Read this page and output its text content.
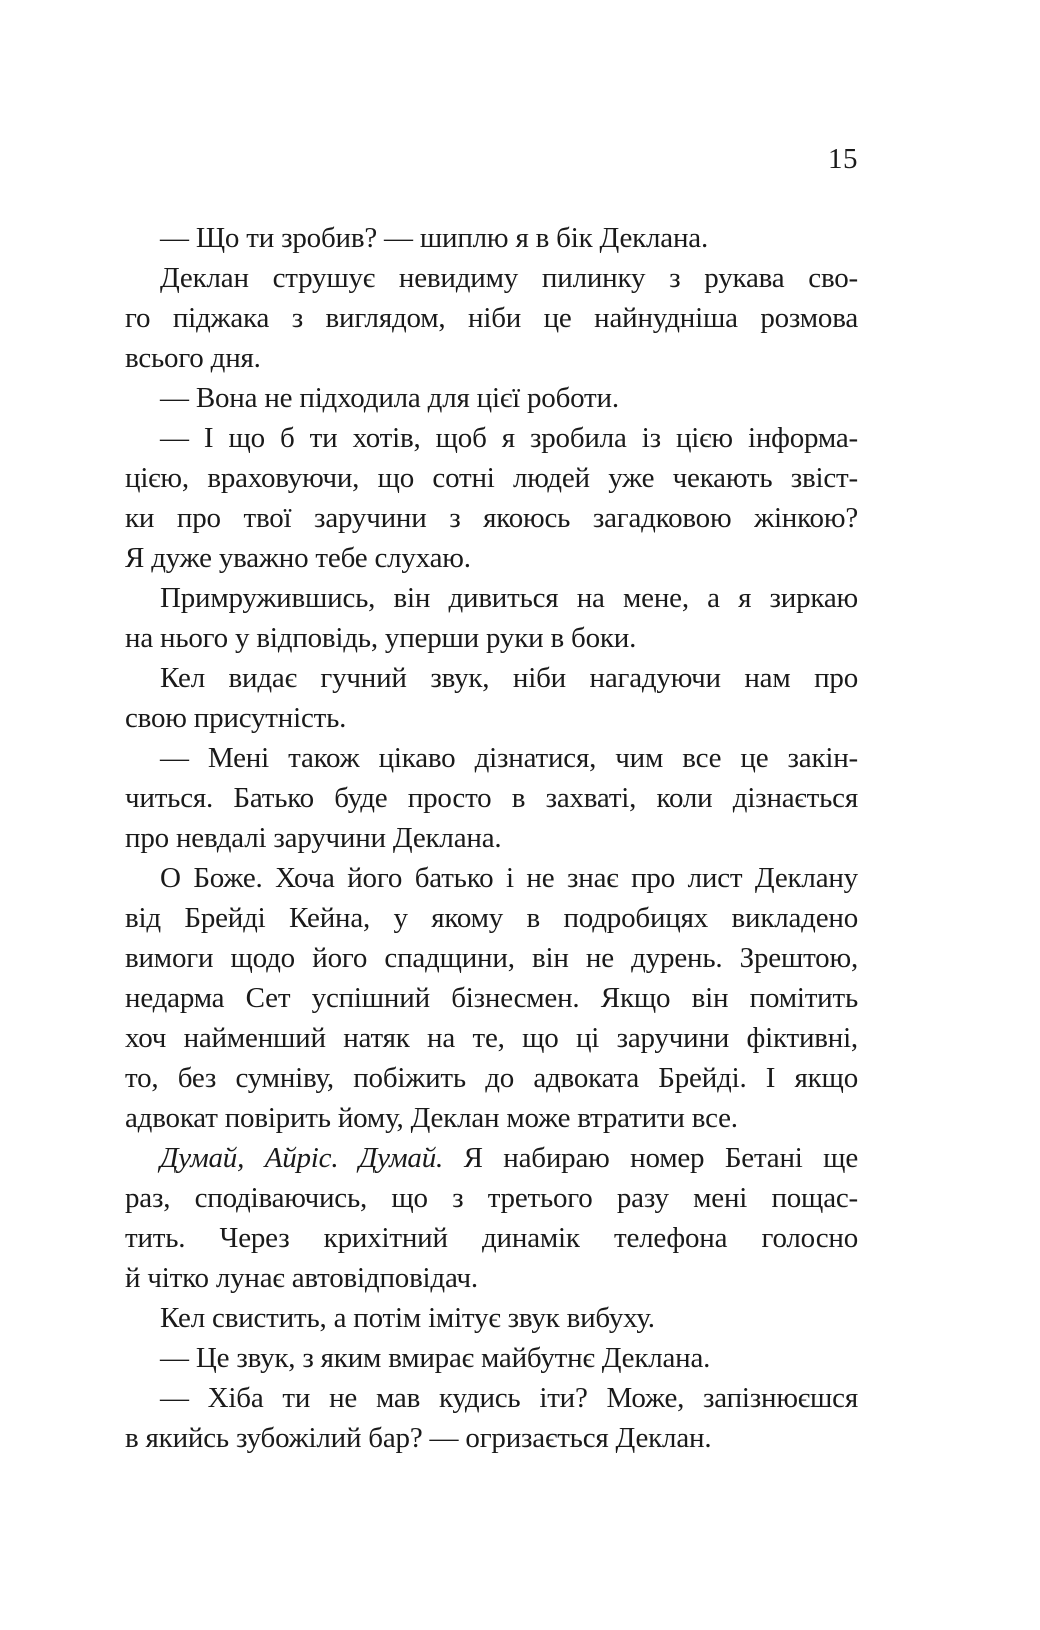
15
— Що ти зробив? — шиплю я в бік Деклана.
Деклан струшує невидиму пилинку з рукава сво-
го піджака з виглядом, ніби це найнудніша розмова
всього дня.
— Вона не підходила для цієї роботи.
— І що б ти хотів, щоб я зробила із цією інформа-
цією, враховуючи, що сотні людей уже чекають звіст-
ки про твої заручини з якоюсь загадковою жінкою?
Я дуже уважно тебе слухаю.
Примружившись, він дивиться на мене, а я зиркаю
на нього у відповідь, уперши руки в боки.
Кел видає гучний звук, ніби нагадуючи нам про
свою присутність.
— Мені також цікаво дізнатися, чим все це закін-
читься. Батько буде просто в захваті, коли дізнається
про невдалі заручини Деклана.
О Боже. Хоча його батько і не знає про лист Деклану
від Брейді Кейна, у якому в подробицях викладено
вимоги щодо його спадщини, він не дурень. Зрештою,
недарма Сет успішний бізнесмен. Якщо він помітить
хоч найменший натяк на те, що ці заручини фіктивні,
то, без сумніву, побіжить до адвоката Брейді. І якщо
адвокат повірить йому, Деклан може втратити все.
Думай, Айріс. Думай. Я набираю номер Бетані ще
раз, сподіваючись, що з третього разу мені пощас-
тить. Через крихітний динамік телефона голосно
й чітко лунає автовідповідач.
Кел свистить, а потім імітує звук вибуху.
— Це звук, з яким вмирає майбутнє Деклана.
— Хіба ти не мав кудись іти? Може, запізнюєшся
в якийсь зубожілий бар? — огризається Деклан.
